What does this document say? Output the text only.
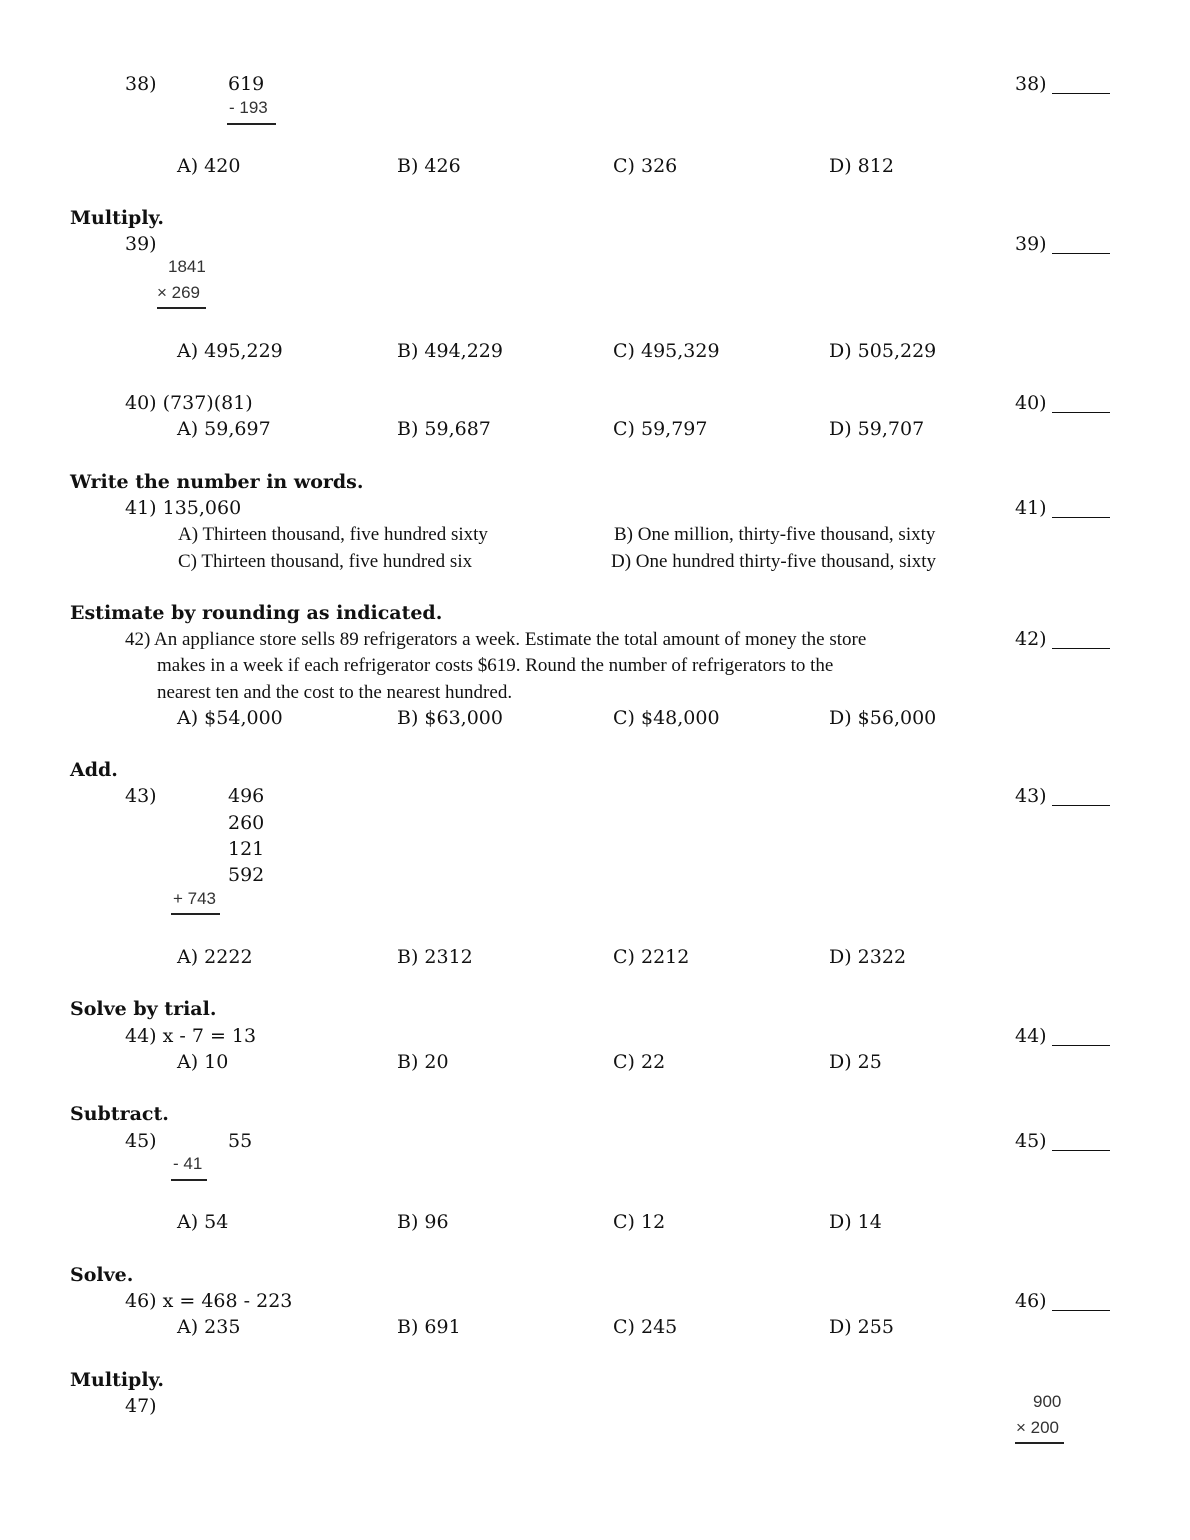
38)	619
- 193
38)
A) 420	B) 426	C) 326	D) 812
Multiply.
39)
1841
× 269
39)
A) 495,229	B) 494,229	C) 495,329	D) 505,229
40) (737)(81)	40)
A) 59,697	B) 59,687	C) 59,797	D) 59,707
Write the number in words.
41) 135,060	41)
A) Thirteen thousand, five hundred sixty	B) One million, thirty-five thousand, sixty
C) Thirteen thousand, five hundred six	D) One hundred thirty-five thousand, sixty
Estimate by rounding as indicated.
42) An appliance store sells 89 refrigerators a week. Estimate the total amount of money the store
makes in a week if each refrigerator costs $619. Round the number of refrigerators to the
nearest ten and the cost to the nearest hundred.
42)
A) $54,000	B) $63,000	C) $48,000	D) $56,000
Add.
43)	496
260
121
592
+ 743
43)
A) 2222	B) 2312	C) 2212	D) 2322
Solve by trial.
44) x - 7 = 13	44)
A) 10	B) 20	C) 22	D) 25
Subtract.
45)	55
- 41
45)
A) 54	B) 96	C) 12	D) 14
Solve.
46) x = 468 - 223	46)
A) 235	B) 691	C) 245	D) 255
Multiply.
47)	900
× 200
